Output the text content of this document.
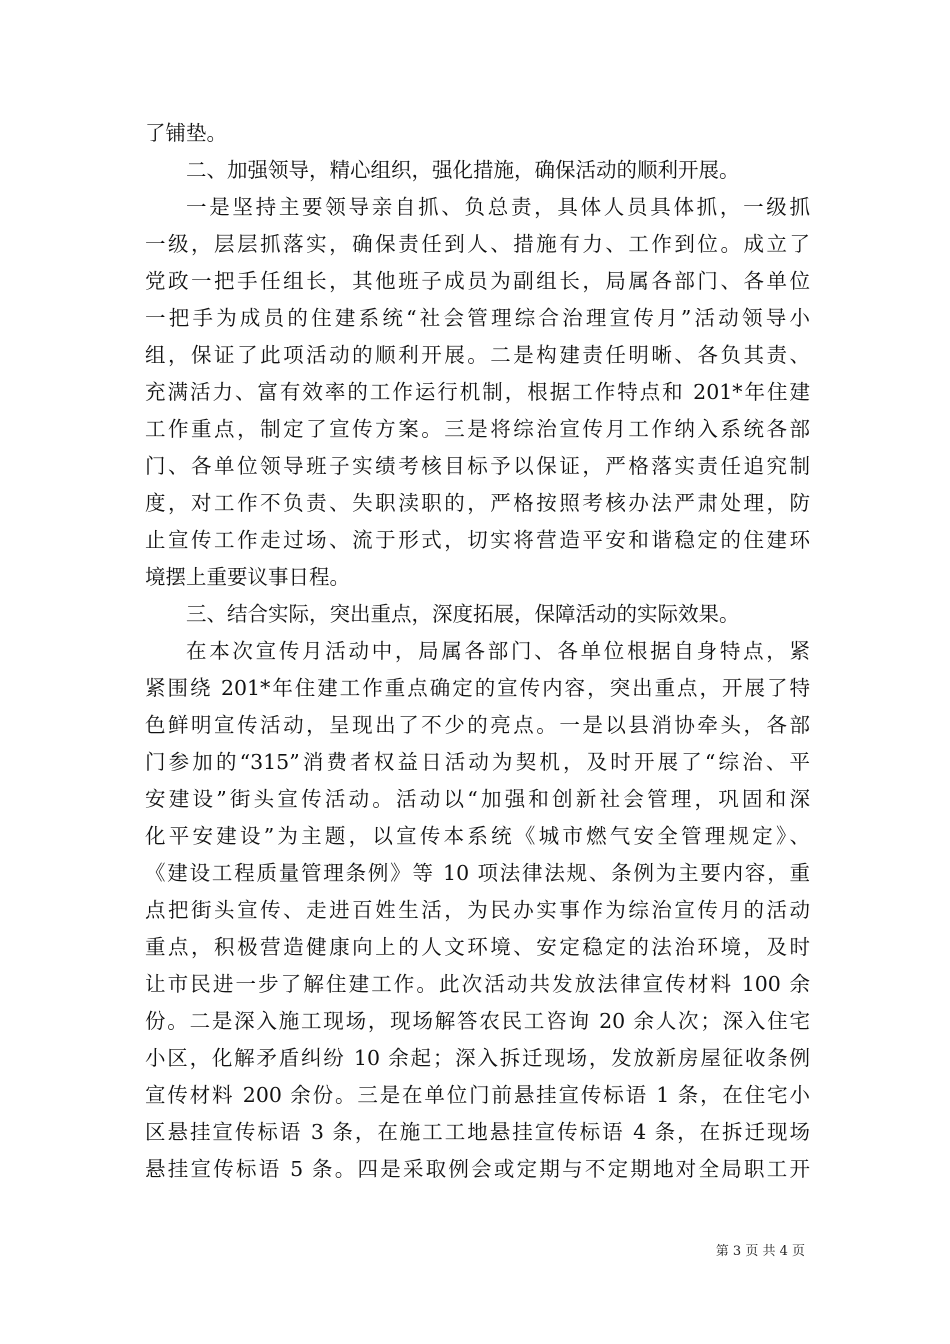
了铺垫。
二、加强领导，精心组织，强化措施，确保活动的顺利开展。
一是坚持主要领导亲自抓、负总责，具体人员具体抓，一级抓
一级，层层抓落实，确保责任到人、措施有力、工作到位。成立了
党政一把手任组长，其他班子成员为副组长，局属各部门、各单位
一把手为成员的住建系统“社会管理综合治理宣传月”活动领导小
组，保证了此项活动的顺利开展。二是构建责任明晰、各负其责、
充满活力、富有效率的工作运行机制，根据工作特点和 201*年住建
工作重点，制定了宣传方案。三是将综治宣传月工作纳入系统各部
门、各单位领导班子实绩考核目标予以保证，严格落实责任追究制
度，对工作不负责、失职渎职的，严格按照考核办法严肃处理，防
止宣传工作走过场、流于形式，切实将营造平安和谐稳定的住建环
境摆上重要议事日程。
三、结合实际，突出重点，深度拓展，保障活动的实际效果。
在本次宣传月活动中，局属各部门、各单位根据自身特点，紧
紧围绕 201*年住建工作重点确定的宣传内容，突出重点，开展了特
色鲜明宣传活动，呈现出了不少的亮点。一是以县消协牵头，各部
门参加的“315”消费者权益日活动为契机，及时开展了“综治、平
安建设”街头宣传活动。活动以“加强和创新社会管理，巩固和深
化平安建设”为主题，以宣传本系统《城市燃气安全管理规定》、
《建设工程质量管理条例》等 10 项法律法规、条例为主要内容，重
点把街头宣传、走进百姓生活，为民办实事作为综治宣传月的活动
重点，积极营造健康向上的人文环境、安定稳定的法治环境，及时
让市民进一步了解住建工作。此次活动共发放法律宣传材料 100 余
份。二是深入施工现场，现场解答农民工咨询 20 余人次；深入住宅
小区，化解矛盾纠纷 10 余起；深入拆迁现场，发放新房屋征收条例
宣传材料 200 余份。三是在单位门前悬挂宣传标语 1 条，在住宅小
区悬挂宣传标语 3 条，在施工工地悬挂宣传标语 4 条，在拆迁现场
悬挂宣传标语 5 条。四是采取例会或定期与不定期地对全局职工开
第 3 页 共 4 页
